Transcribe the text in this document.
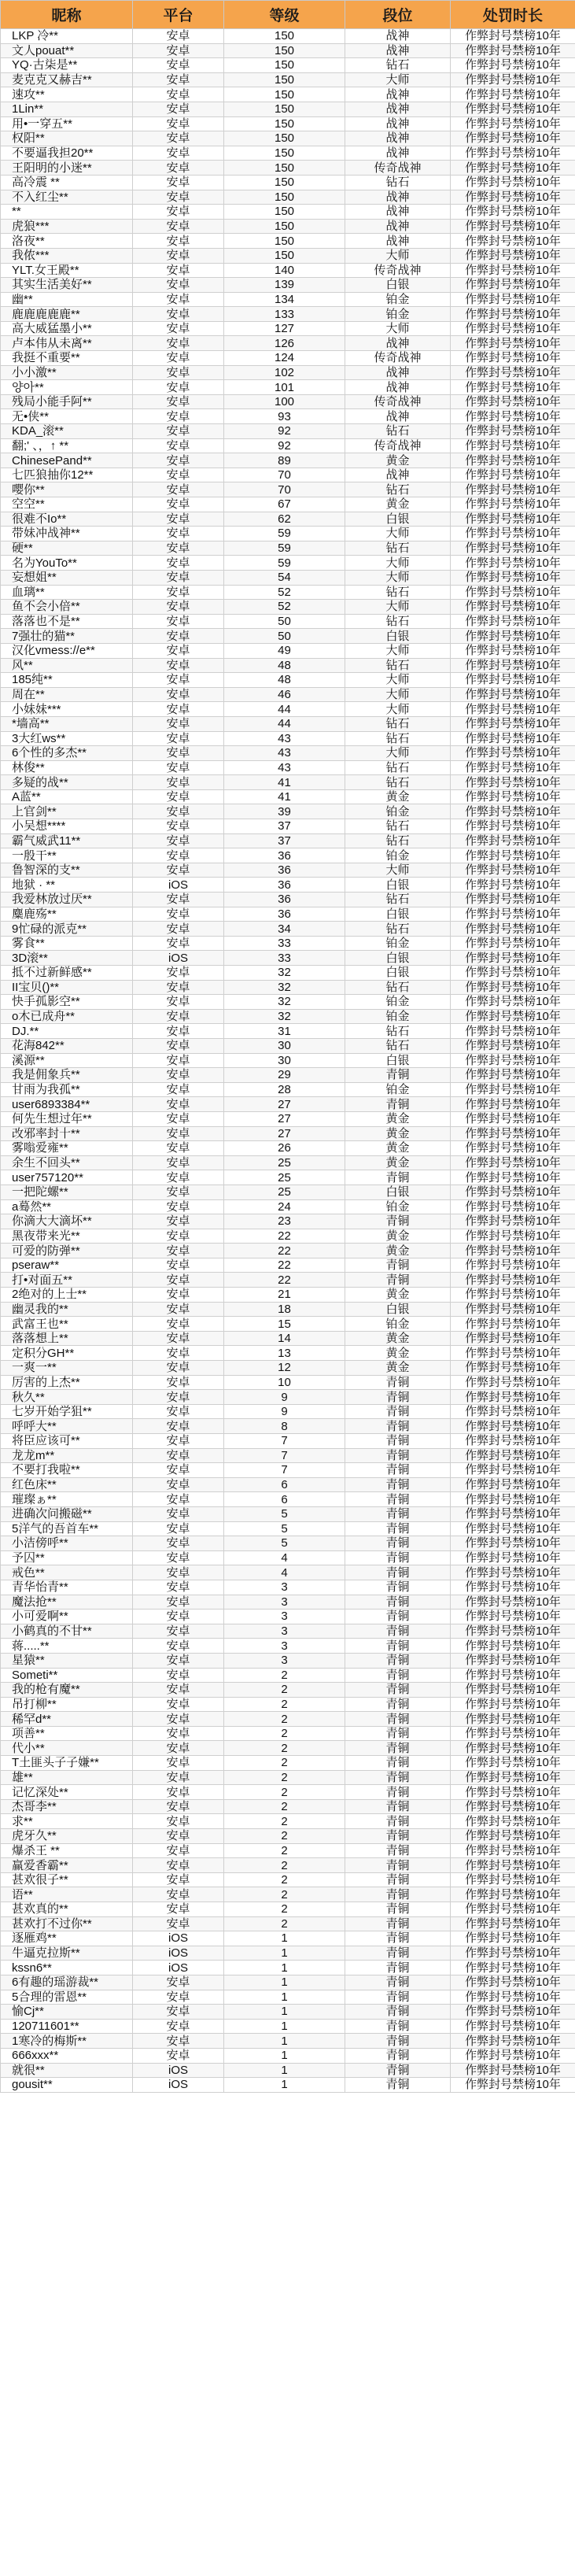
昵称	平台	等级	段位	处罚时长
LKP 冷**	安卓	150	战神	作弊封号禁榜10年
文人pouat**	安卓	150	战神	作弊封号禁榜10年
YQ·古柒是**	安卓	150	钻石	作弊封号禁榜10年
麦克克又赫吉**	安卓	150	大师	作弊封号禁榜10年
速攻**	安卓	150	战神	作弊封号禁榜10年
1Lin**	安卓	150	战神	作弊封号禁榜10年
用•一穿五**	安卓	150	战神	作弊封号禁榜10年
权阳**	安卓	150	战神	作弊封号禁榜10年
不要逼我担20**	安卓	150	战神	作弊封号禁榜10年
王阳明的小迷**	安卓	150	传奇战神	作弊封号禁榜10年
高冷震 **	安卓	150	钻石	作弊封号禁榜10年
不入红尘**	安卓	150	战神	作弊封号禁榜10年
**	安卓	150	战神	作弊封号禁榜10年
虎狼***	安卓	150	战神	作弊封号禁榜10年
洛夜**	安卓	150	战神	作弊封号禁榜10年
我侬***	安卓	150	大师	作弊封号禁榜10年
YLT.女王殿**	安卓	140	传奇战神	作弊封号禁榜10年
其实生活美好**	安卓	139	白银	作弊封号禁榜10年
幽**	安卓	134	铂金	作弊封号禁榜10年
鹿鹿鹿鹿鹿**	安卓	133	铂金	作弊封号禁榜10年
高大威猛墨小**	安卓	127	大师	作弊封号禁榜10年
卢本伟从未离**	安卓	126	战神	作弊封号禁榜10年
我挺不重要**	安卓	124	传奇战神	作弊封号禁榜10年
小小激**	安卓	102	战神	作弊封号禁榜10年
양아**	安卓	101	战神	作弊封号禁榜10年
残局小能手阿**	安卓	100	传奇战神	作弊封号禁榜10年
无•侠**	安卓	93	战神	作弊封号禁榜10年
KDA_滚**	安卓	92	钻石	作弊封号禁榜10年
翻;' 、，↑ **	安卓	92	传奇战神	作弊封号禁榜10年
ChinesePand**	安卓	89	黄金	作弊封号禁榜10年
七匹狼抽你12**	安卓	70	战神	作弊封号禁榜10年
嘤你**	安卓	70	钻石	作弊封号禁榜10年
空空**	安卓	67	黄金	作弊封号禁榜10年
很难不Io**	安卓	62	白银	作弊封号禁榜10年
带妹冲战神**	安卓	59	大师	作弊封号禁榜10年
硬**	安卓	59	钻石	作弊封号禁榜10年
名为YouTo**	安卓	59	大师	作弊封号禁榜10年
妄想姐**	安卓	54	大师	作弊封号禁榜10年
血璃**	安卓	52	钻石	作弊封号禁榜10年
鱼不会小倍**	安卓	52	大师	作弊封号禁榜10年
落落也不是**	安卓	50	钻石	作弊封号禁榜10年
7强壮的猫**	安卓	50	白银	作弊封号禁榜10年
汉化vmess://e**	安卓	49	大师	作弊封号禁榜10年
风**	安卓	48	钻石	作弊封号禁榜10年
185纯**	安卓	48	大师	作弊封号禁榜10年
周在**	安卓	46	大师	作弊封号禁榜10年
小妹妹***	安卓	44	大师	作弊封号禁榜10年
*墙高**	安卓	44	钻石	作弊封号禁榜10年
3大红ws**	安卓	43	钻石	作弊封号禁榜10年
6个性的多杰**	安卓	43	大师	作弊封号禁榜10年
林俊**	安卓	43	钻石	作弊封号禁榜10年
多疑的战**	安卓	41	钻石	作弊封号禁榜10年
A蓝**	安卓	41	黄金	作弊封号禁榜10年
上官剑**	安卓	39	铂金	作弊封号禁榜10年
小吴想****	安卓	37	钻石	作弊封号禁榜10年
霸气威武11**	安卓	37	钻石	作弊封号禁榜10年
一殷干**	安卓	36	铂金	作弊封号禁榜10年
鲁智深的支**	安卓	36	大师	作弊封号禁榜10年
地狱 · **	iOS	36	白银	作弊封号禁榜10年
我爱林放过厌**	安卓	36	钻石	作弊封号禁榜10年
麋鹿殇**	安卓	36	白银	作弊封号禁榜10年
9忙碌的派克**	安卓	34	钻石	作弊封号禁榜10年
雾食**	安卓	33	铂金	作弊封号禁榜10年
3D滚**	iOS	33	白银	作弊封号禁榜10年
抵不过新鲜感**	安卓	32	白银	作弊封号禁榜10年
II宝贝()**	安卓	32	钻石	作弊封号禁榜10年
快手孤影空**	安卓	32	铂金	作弊封号禁榜10年
o木已成舟**	安卓	32	铂金	作弊封号禁榜10年
DJ.**	安卓	31	钻石	作弊封号禁榜10年
花海842**	安卓	30	钻石	作弊封号禁榜10年
溪源**	安卓	30	白银	作弊封号禁榜10年
我是佣象兵**	安卓	29	青铜	作弊封号禁榜10年
甘雨为我孤**	安卓	28	铂金	作弊封号禁榜10年
user6893384**	安卓	27	青铜	作弊封号禁榜10年
何先生想过年**	安卓	27	黄金	作弊封号禁榜10年
改邪率封十**	安卓	27	黄金	作弊封号禁榜10年
雾嗡爱雍**	安卓	26	黄金	作弊封号禁榜10年
余生不回头**	安卓	25	黄金	作弊封号禁榜10年
user757120**	安卓	25	青铜	作弊封号禁榜10年
一把陀螺**	安卓	25	白银	作弊封号禁榜10年
a蓦然**	安卓	24	铂金	作弊封号禁榜10年
你滴大大滴坏**	安卓	23	青铜	作弊封号禁榜10年
黑夜带来光**	安卓	22	黄金	作弊封号禁榜10年
可爱的防弹**	安卓	22	黄金	作弊封号禁榜10年
pseraw**	安卓	22	青铜	作弊封号禁榜10年
打•对面五**	安卓	22	青铜	作弊封号禁榜10年
2绝对的上士**	安卓	21	黄金	作弊封号禁榜10年
幽灵我的**	安卓	18	白银	作弊封号禁榜10年
武富王也**	安卓	15	铂金	作弊封号禁榜10年
落落想上**	安卓	14	黄金	作弊封号禁榜10年
定积分GH**	安卓	13	黄金	作弊封号禁榜10年
一爽一**	安卓	12	黄金	作弊封号禁榜10年
厉害的上杰**	安卓	10	青铜	作弊封号禁榜10年
秋久**	安卓	9	青铜	作弊封号禁榜10年
七岁开始学狙**	安卓	9	青铜	作弊封号禁榜10年
呼呼大**	安卓	8	青铜	作弊封号禁榜10年
将臣应该可**	安卓	7	青铜	作弊封号禁榜10年
龙龙m**	安卓	7	青铜	作弊封号禁榜10年
不要打我啦**	安卓	7	青铜	作弊封号禁榜10年
红色床**	安卓	6	青铜	作弊封号禁榜10年
璀璨ぁ**	安卓	6	青铜	作弊封号禁榜10年
进确次问搬磁**	安卓	5	青铜	作弊封号禁榜10年
5洋气的吾首车**	安卓	5	青铜	作弊封号禁榜10年
小洁傍呼**	安卓	5	青铜	作弊封号禁榜10年
予囚**	安卓	4	青铜	作弊封号禁榜10年
戒色**	安卓	4	青铜	作弊封号禁榜10年
青华怡青**	安卓	3	青铜	作弊封号禁榜10年
魔法抢**	安卓	3	青铜	作弊封号禁榜10年
小可爱啊**	安卓	3	青铜	作弊封号禁榜10年
小鹤真的不甘**	安卓	3	青铜	作弊封号禁榜10年
蒋.....**	安卓	3	青铜	作弊封号禁榜10年
星猿**	安卓	3	青铜	作弊封号禁榜10年
Someti**	安卓	2	青铜	作弊封号禁榜10年
我的枪有魔**	安卓	2	青铜	作弊封号禁榜10年
吊打柳**	安卓	2	青铜	作弊封号禁榜10年
稀罕d**	安卓	2	青铜	作弊封号禁榜10年
项善**	安卓	2	青铜	作弊封号禁榜10年
代小**	安卓	2	青铜	作弊封号禁榜10年
T土匪头子子嫌**	安卓	2	青铜	作弊封号禁榜10年
雄**	安卓	2	青铜	作弊封号禁榜10年
记忆深处**	安卓	2	青铜	作弊封号禁榜10年
杰哥李**	安卓	2	青铜	作弊封号禁榜10年
求**	安卓	2	青铜	作弊封号禁榜10年
虎牙久**	安卓	2	青铜	作弊封号禁榜10年
爆杀王 **	安卓	2	青铜	作弊封号禁榜10年
赢爱香霸**	安卓	2	青铜	作弊封号禁榜10年
甚欢很子**	安卓	2	青铜	作弊封号禁榜10年
语**	安卓	2	青铜	作弊封号禁榜10年
甚欢真的**	安卓	2	青铜	作弊封号禁榜10年
甚欢打不过你**	安卓	2	青铜	作弊封号禁榜10年
逐雁鸡**	iOS	1	青铜	作弊封号禁榜10年
牛逼克拉斯**	iOS	1	青铜	作弊封号禁榜10年
kssn6**	iOS	1	青铜	作弊封号禁榜10年
6有趣的瑶游裁**	安卓	1	青铜	作弊封号禁榜10年
5合理的雷恩**	安卓	1	青铜	作弊封号禁榜10年
愉Cj**	安卓	1	青铜	作弊封号禁榜10年
120711601**	安卓	1	青铜	作弊封号禁榜10年
1寒冷的梅斯**	安卓	1	青铜	作弊封号禁榜10年
666xxx**	安卓	1	青铜	作弊封号禁榜10年
就很**	iOS	1	青铜	作弊封号禁榜10年
gousit**	iOS	1	青铜	作弊封号禁榜10年
